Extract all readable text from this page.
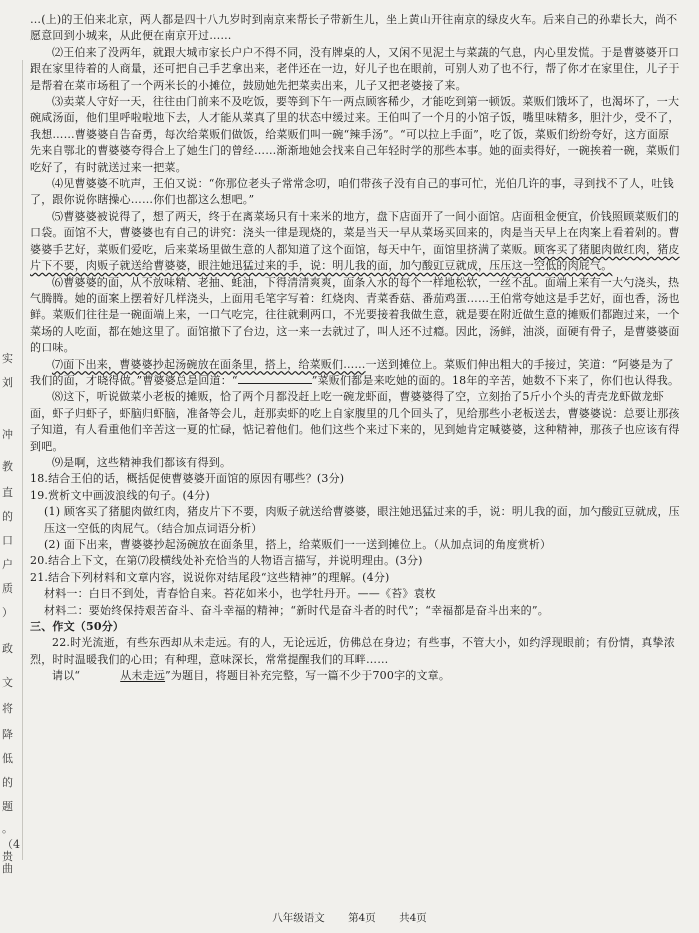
实
刘
冲
教
直
的
口
户
质
）
政
文
将
降
低
的
题
。（4
贵
曲

…(上)的王伯来北京，两人都是四十八九岁时到南京来帮长子带新生儿，坐上黄山开往南京的绿皮火车。后来自己的孙辈长大，尚不愿意回到小城来，从此便在南京开过……

⑵王伯来了没两年，就跟大城市家长户户不得不同，没有牌桌的人，又闲不见泥土与菜蔬的气息，内心里发慌。于是曹婆婆开口跟在家里待着的人商量，还可把自己手艺拿出来，老伴还在一边，好儿子也在眼前，可别人劝了也不行，帮了你才在家里住，儿子于是帮着在菜市场租了一个两米长的小摊位，鼓励她先把菜卖出来，儿子又把老婆接了来。

⑶卖菜人守好一天，往往由门前来不及吃饭，要等到下午一两点顾客稀少，才能吃到第一顿饭。菜贩们饿坏了，也渴坏了，一大碗咸汤面，他们里呼啦啦地下去，人才能从菜真了里的状态中缓过来。王伯叫了一个月的小馆子饭，嘴里味精多，胆汁少，受不了，我想……曹婆婆自告奋勇，每次给菜贩们做饭，给菜贩们叫一碗“辣手汤”。“可以拉上手面”，吃了饭，菜贩们纷纷夸好，这方面原先来自鄂北的曹婆婆夸得合上了她生门的曾经……渐渐地她会找来自己年轻时学的那些本事。她的面卖得好，一碗挨着一碗，菜贩们吃好了，有时就送过来一把菜。

⑷见曹婆婆不吭声，王伯又说：“你那位老头子常常念叨，咱们带孩子没有自己的事可忙，光伯几许的事，寻到找不了人，吐钱了，跟你说你瞎操心……你们也都这么想吧。”

⑸曹婆婆被说得了，想了两天，终于在离菜场只有十来米的地方，盘下店面开了一间小面馆。店面租金便宜，价钱照顾菜贩们的口袋。面馆不大，曹婆婆也有自己的讲究：浇头一律是现烧的，菜是当天一早从菜场买回来的，肉是当天早上在肉案上看着剁的。曹婆婆手艺好，菜贩们爱吃，后来菜场里做生意的人都知道了这个面馆，每天中午，面馆里挤满了菜贩。顾客买了猪腿肉做红肉，猪皮片下不要，肉贩子就送给曹婆婆，眼注她迅猛过来的手，说：明儿我的面，加勺酸豇豆就成，压压这一空低的肉屁气。

⑹曹婆婆的面，从不放味精、老抽、蚝油，下得清清爽爽，面条入水的每个一样地松软，一丝不乱。面端上来有一大勺浇头，热气腾腾。她的面案上摆着好几样浇头，上面用毛笔字写着：红烧肉、青菜香菇、番茄鸡蛋……王伯常夸她这是手艺好，面也香，汤也鲜。菜贩们往往是一碗面端上来，一口气吃完，往往就剩两口，不光要接着我做生意，就是要在附近做生意的摊贩们都跑过来，一个菜场的人吃面，都在她这里了。面馆撤下了台边，这一来一去就过了，叫人还不过瘾。因此，汤鲜，油淡，面硬有骨子，是曹婆婆面的口味。

⑺面下出来，曹婆婆抄起汤碗放在面条里，搭上，给菜贩们……一送到摊位上。菜贩们伸出粗大的手接过，笑道：“阿婆是为了我们的面，才晓得做。”曹婆婆总是回道：“	”菜贩们都是来吃她的面的。18年的辛苦，她数不下来了，你们也认得我。

⑻这下，听说做菜小老板的摊贩，恰了两个月都没赶上吃一碗龙虾面，曹婆婆得了空，立刻抬了5斤小个头的青壳龙虾做龙虾面，虾子归虾子，虾脑归虾脑，准备等会儿，赶那卖虾的吃上自家腹里的几个回头了，见给那些小老板送去，曹婆婆说：总要让那孩子知道，有人看重他们辛苦这一夏的忙碌，惦记着他们。他们这些个来过下来的，见到她肯定喊婆婆，这种精神，那孩子也应该有得到吧。

⑼是啊，这些精神我们都该有得到。

18.结合王伯的话，概括促使曹婆婆开面馆的原因有哪些？(3分)

19.赏析文中画波浪线的句子。(4分)

(1) 顾客买了猪腿肉做红肉，猪皮片下不要，肉贩子就送给曹婆婆，眼注她迅猛过来的手，说：明儿我的面，加勺酸豇豆就成，压压这一空低的肉屁气。（结合加点词语分析）

(2) 面下出来，曹婆婆抄起汤碗放在面条里，搭上，给菜贩们一一送到摊位上。（从加点词的角度赏析）

20.结合上下文，在第⑺段横线处补充恰当的人物语言描写，并说明理由。(3分)

21.结合下列材料和文章内容，说说你对结尾段“这些精神”的理解。(4分)

材料一：白日不到处，青春恰自来。苔花如米小，也学牡丹开。——《苔》袁枚

材料二：要始终保持艰苦奋斗、奋斗幸福的精神；“新时代是奋斗者的时代”；“幸福都是奋斗出来的”。

三、作文（50分）

22.时光流逝，有些东西却从未走远。有的人，无论远近，仿佛总在身边；有些事，不管大小，如约浮现眼前；有份情，真挚浓烈，时时温暖我们的心田；有种理，意味深长，常常提醒我们的耳畔……

请以“	从未走远”为题目，将题目补充完整，写一篇不少于700字的文章。

八年级语文 第4页 共4页
